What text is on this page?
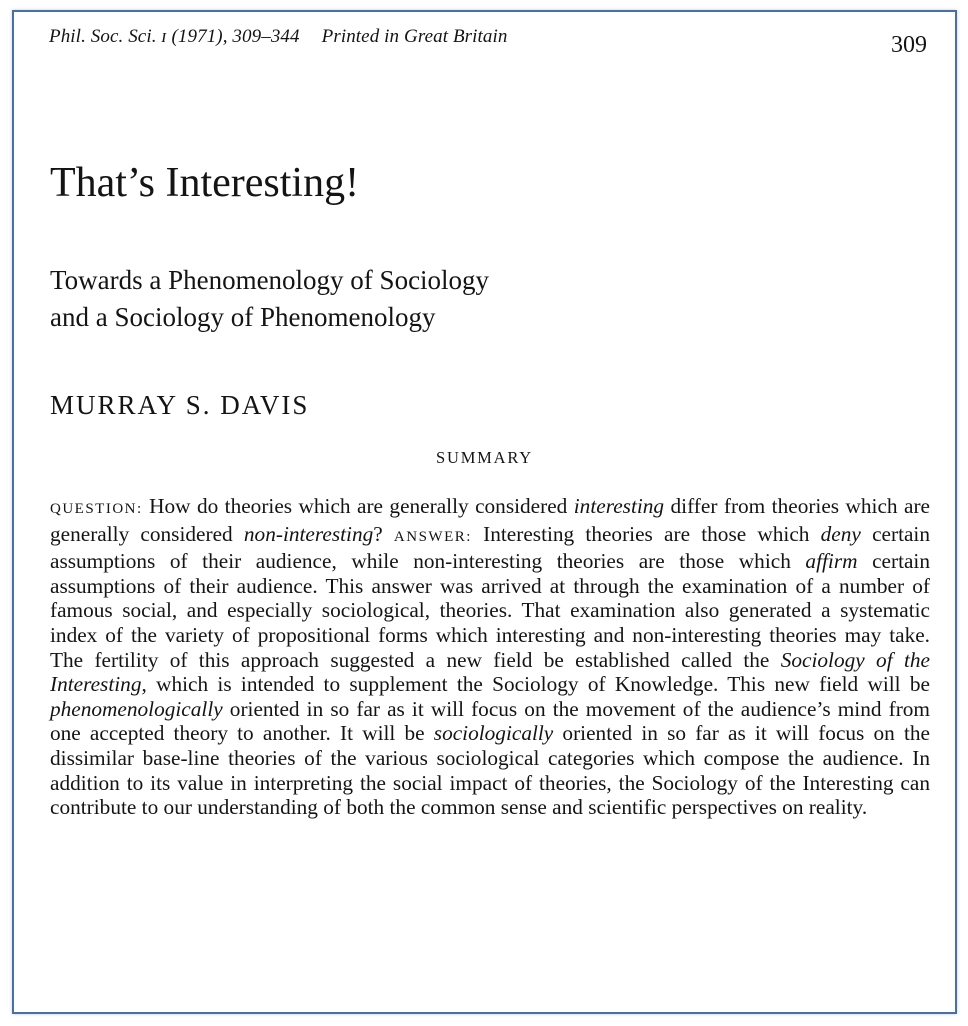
Phil. Soc. Sci. ɪ (1971), 309–344 Printed in Great Britain	309
That’s Interesting!
Towards a Phenomenology of Sociology
and a Sociology of Phenomenology
MURRAY S. DAVIS
SUMMARY

QUESTION: How do theories which are generally considered interesting differ from theories which are generally considered non-interesting? ANSWER: Interesting theories are those which deny certain assumptions of their audience, while non-interesting theories are those which affirm certain assumptions of their audience. This answer was arrived at through the examination of a number of famous social, and especially sociological, theories. That examination also generated a systematic index of the variety of propositional forms which interesting and non-interesting theories may take. The fertility of this approach suggested a new field be established called the Sociology of the Interesting, which is intended to supplement the Sociology of Knowledge. This new field will be phenomenologically oriented in so far as it will focus on the movement of the audience’s mind from one accepted theory to another. It will be sociologically oriented in so far as it will focus on the dissimilar base-line theories of the various sociological categories which compose the audience. In addition to its value in interpreting the social impact of theories, the Sociology of the Interesting can contribute to our understanding of both the common sense and scientific perspectives on reality.
